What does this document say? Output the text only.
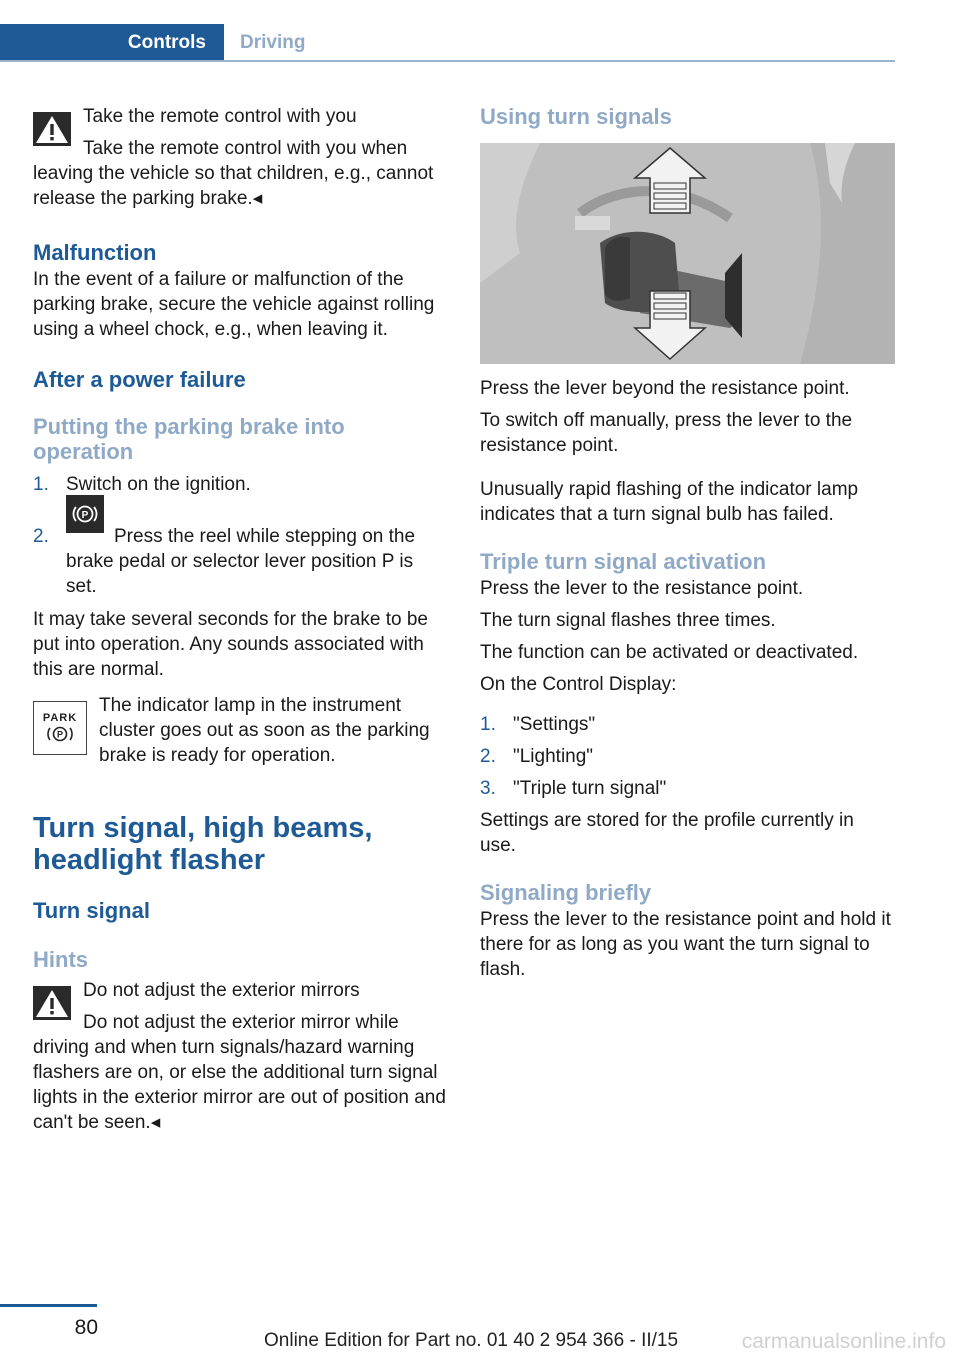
Controls	Driving

Take the remote control with you

Take the remote control with you when leaving the vehicle so that children, e.g., cannot release the parking brake.◂

Malfunction

In the event of a failure or malfunction of the parking brake, secure the vehicle against rolling using a wheel chock, e.g., when leaving it.

After a power failure

Putting the parking brake into operation

1. Switch on the ignition.
2.
P
Press the reel while stepping on the brake pedal or selector lever position P is set.

It may take several seconds for the brake to be put into operation. Any sounds associated with this are normal.

PARK
P

The indicator lamp in the instrument cluster goes out as soon as the parking brake is ready for operation.

Turn signal, high beams, headlight flasher

Turn signal

Hints

Do not adjust the exterior mirrors

Do not adjust the exterior mirror while driving and when turn signals/hazard warning flashers are on, or else the additional turn signal lights in the exterior mirror are out of position and can't be seen.◂

Using turn signals

Press the lever beyond the resistance point.

To switch off manually, press the lever to the resistance point.

Unusually rapid flashing of the indicator lamp indicates that a turn signal bulb has failed.

Triple turn signal activation

Press the lever to the resistance point.

The turn signal flashes three times.

The function can be activated or deactivated.

On the Control Display:

1. "Settings"
2. "Lighting"
3. "Triple turn signal"

Settings are stored for the profile currently in use.

Signaling briefly

Press the lever to the resistance point and hold it there for as long as you want the turn signal to flash.

80
Online Edition for Part no. 01 40 2 954 366 - II/15	carmanualsonline.info
